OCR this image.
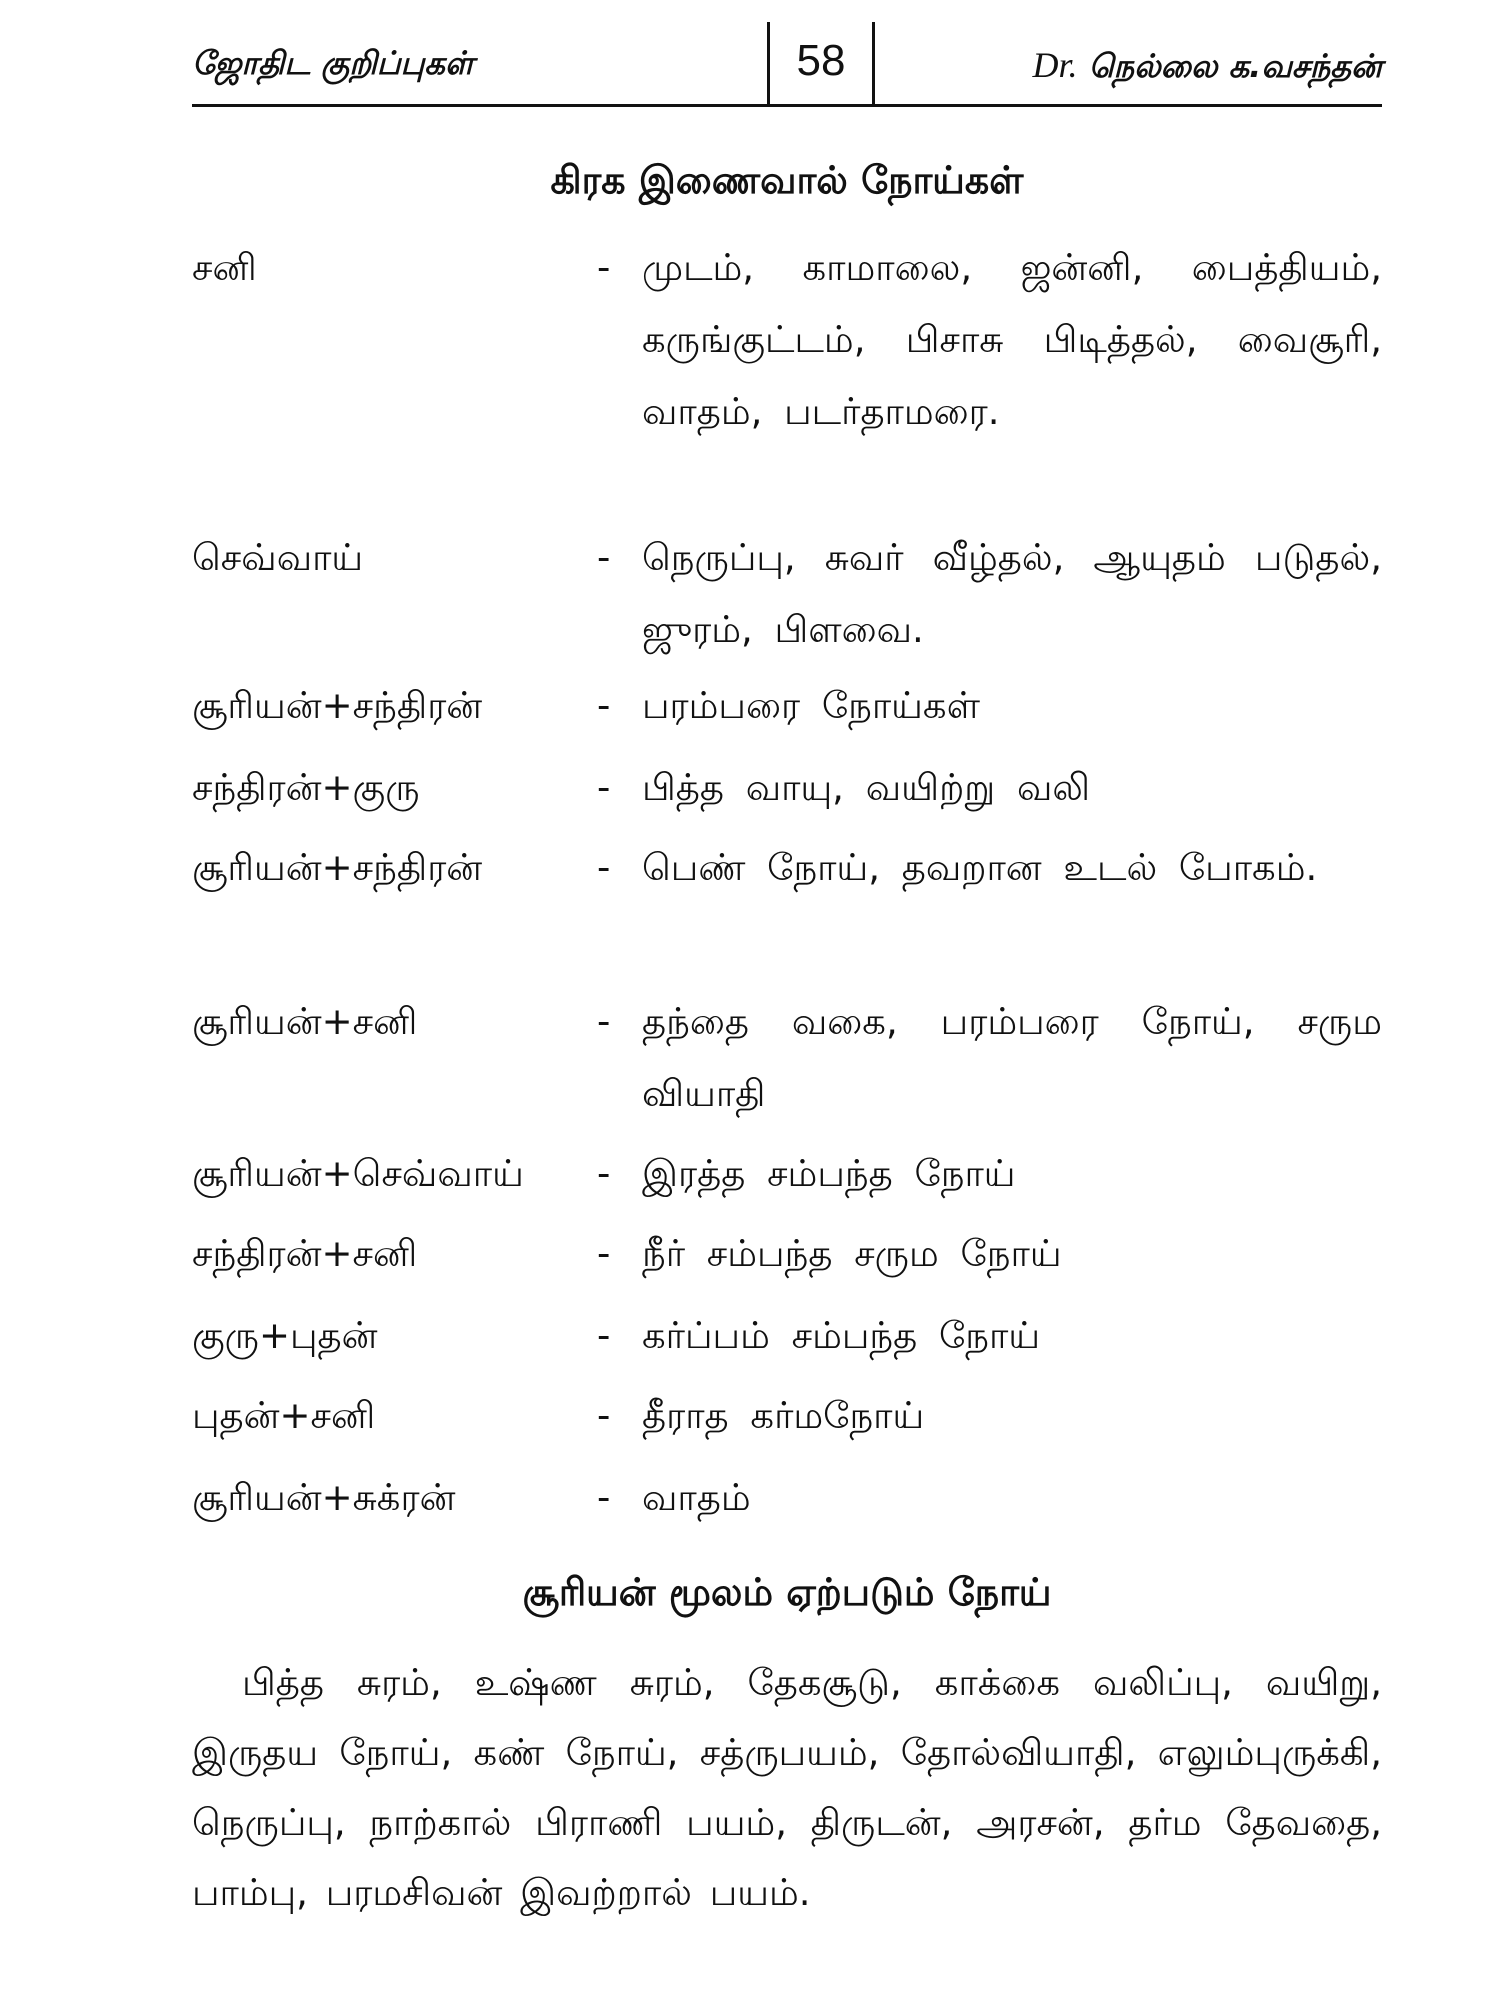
ஜோதிட குறிப்புகள்	58	Dr. நெல்லை க.வசந்தன்
கிரக இணைவால் நோய்கள்
சனி	- முடம், காமாலை, ஜன்னி, பைத்தியம், கருங்குட்டம், பிசாசு பிடித்தல், வைசூரி, வாதம், படர்தாமரை.
செவ்வாய்	- நெருப்பு, சுவர் வீழ்தல், ஆயுதம் படுதல், ஜுரம், பிளவை.
சூரியன்+சந்திரன்	- பரம்பரை நோய்கள்
சந்திரன்+குரு	- பித்த வாயு, வயிற்று வலி
சூரியன்+சந்திரன்	- பெண் நோய், தவறான உடல் போகம்.
சூரியன்+சனி	- தந்தை வகை, பரம்பரை நோய், சரும வியாதி
சூரியன்+செவ்வாய் - இரத்த சம்பந்த நோய்
சந்திரன்+சனி	- நீர் சம்பந்த சரும நோய்
குரு+புதன்	- கர்ப்பம் சம்பந்த நோய்
புதன்+சனி	- தீராத கர்மநோய்
சூரியன்+சுக்ரன்	- வாதம்
சூரியன் மூலம் ஏற்படும் நோய்
பித்த சுரம், உஷ்ண சுரம், தேகசூடு, காக்கை வலிப்பு, வயிறு, இருதய நோய், கண் நோய், சத்ருபயம், தோல்வியாதி, எலும்புருக்கி, நெருப்பு, நாற்கால் பிராணி பயம், திருடன், அரசன், தர்ம தேவதை, பாம்பு, பரமசிவன் இவற்றால் பயம்.
